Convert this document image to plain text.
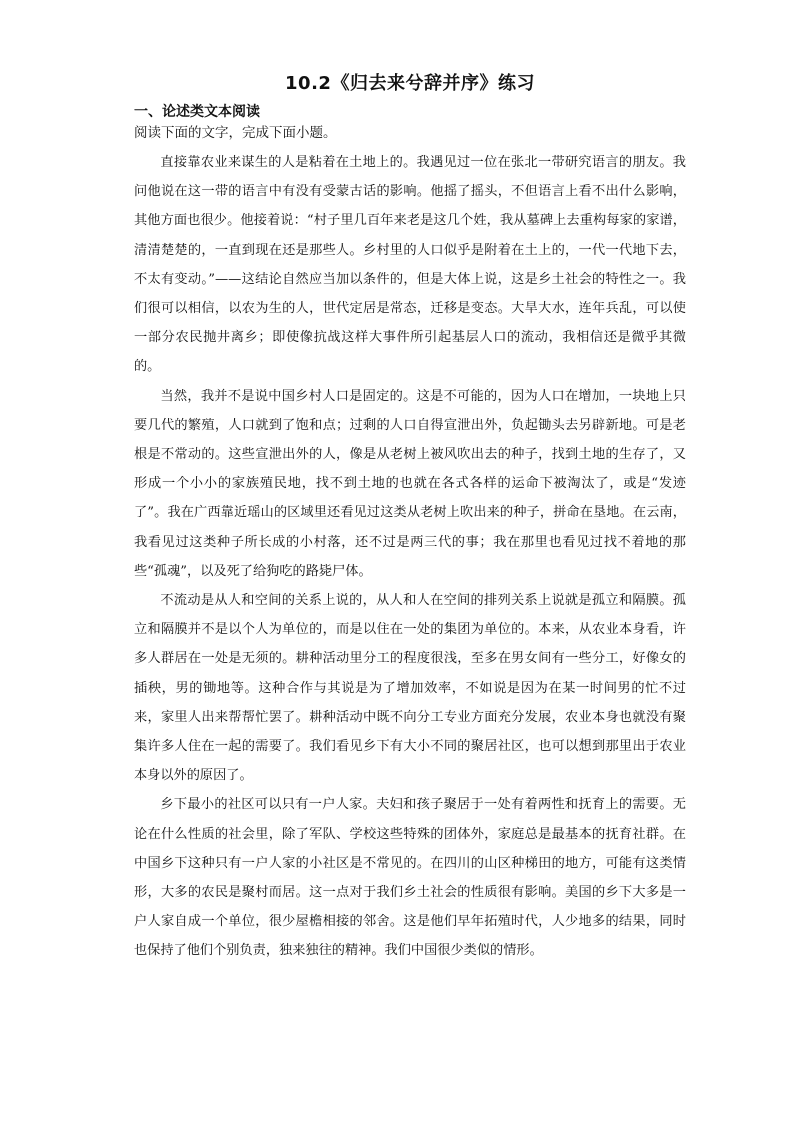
10.2《归去来兮辞并序》练习
一、论述类文本阅读

阅读下面的文字，完成下面小题。

直接靠农业来谋生的人是粘着在土地上的。我遇见过一位在张北一带研究语言的朋友。我问他说在这一带的语言中有没有受蒙古话的影响。他摇了摇头，不但语言上看不出什么影响，其他方面也很少。他接着说：“村子里几百年来老是这几个姓，我从墓碑上去重构每家的家谱，清清楚楚的，一直到现在还是那些人。乡村里的人口似乎是附着在土上的，一代一代地下去，不太有变动。”——这结论自然应当加以条件的，但是大体上说，这是乡土社会的特性之一。我们很可以相信，以农为生的人，世代定居是常态，迁移是变态。大旱大水，连年兵乱，可以使一部分农民抛井离乡；即使像抗战这样大事件所引起基层人口的流动，我相信还是微乎其微的。

当然，我并不是说中国乡村人口是固定的。这是不可能的，因为人口在增加，一块地上只要几代的繁殖，人口就到了饱和点；过剩的人口自得宣泄出外，负起锄头去另辟新地。可是老根是不常动的。这些宣泄出外的人，像是从老树上被风吹出去的种子，找到土地的生存了，又形成一个小小的家族殖民地，找不到土地的也就在各式各样的运命下被淘汰了，或是“发迹了”。我在广西靠近瑶山的区域里还看见过这类从老树上吹出来的种子，拼命在垦地。在云南，我看见过这类种子所长成的小村落，还不过是两三代的事；我在那里也看见过找不着地的那些“孤魂”，以及死了给狗吃的路毙尸体。

不流动是从人和空间的关系上说的，从人和人在空间的排列关系上说就是孤立和隔膜。孤立和隔膜并不是以个人为单位的，而是以住在一处的集团为单位的。本来，从农业本身看，许多人群居在一处是无须的。耕种活动里分工的程度很浅，至多在男女间有一些分工，好像女的插秧，男的锄地等。这种合作与其说是为了增加效率，不如说是因为在某一时间男的忙不过来，家里人出来帮帮忙罢了。耕种活动中既不向分工专业方面充分发展，农业本身也就没有聚集许多人住在一起的需要了。我们看见乡下有大小不同的聚居社区，也可以想到那里出于农业本身以外的原因了。

乡下最小的社区可以只有一户人家。夫妇和孩子聚居于一处有着两性和抚育上的需要。无论在什么性质的社会里，除了军队、学校这些特殊的团体外，家庭总是最基本的抚育社群。在中国乡下这种只有一户人家的小社区是不常见的。在四川的山区种梯田的地方，可能有这类情形，大多的农民是聚村而居。这一点对于我们乡土社会的性质很有影响。美国的乡下大多是一户人家自成一个单位，很少屋檐相接的邻舍。这是他们早年拓殖时代，人少地多的结果，同时也保持了他们个别负责，独来独往的精神。我们中国很少类似的情形。
